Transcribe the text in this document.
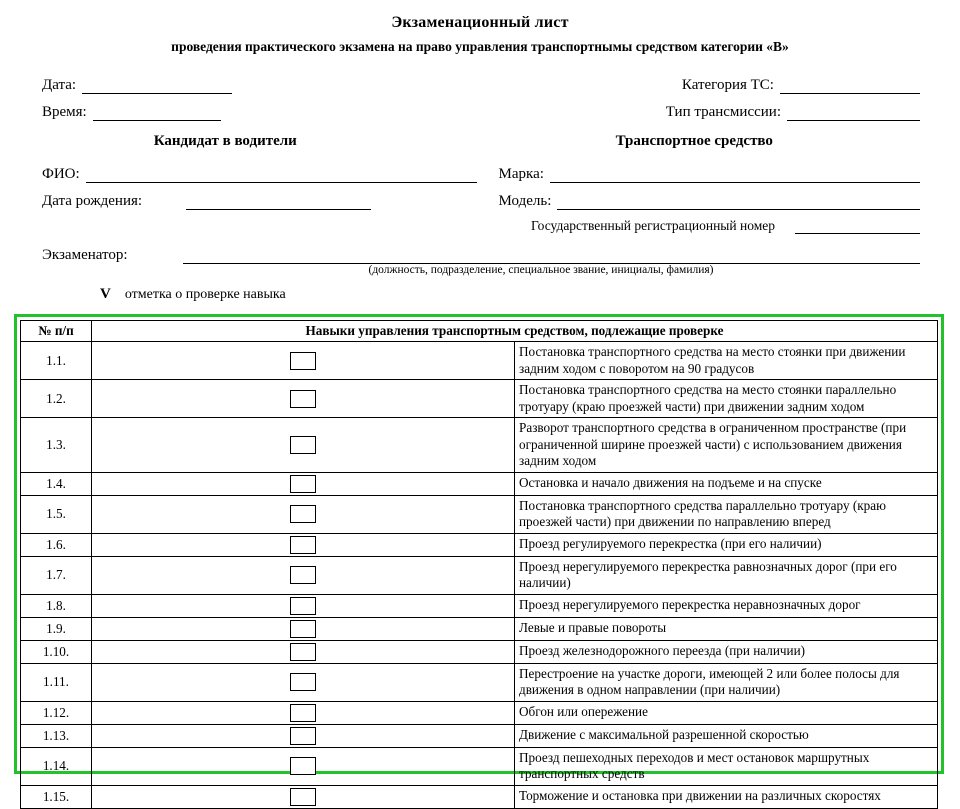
Экзаменационный лист
проведения практического экзамена на право управления транспортнымы средством категории «В»
Дата:	Категория ТС:
Время:	Тип трансмиссии:
Кандидат в водители	Транспортное средство
ФИО:	Марка:
Дата рождения:	Модель:
Государственный регистрационный номер
Экзаменатор:
(должность, подразделение, специальное звание, инициалы, фамилия)
V отметка о проверке навыка
№ п/п	Навыки управления транспортным средством, подлежащие проверке	
1.1.		Постановка транспортного средства на место стоянки при движении задним ходом с поворотом на 90 градусов
1.2.		Постановка транспортного средства на место стоянки параллельно тротуару (краю проезжей части) при движении задним ходом
1.3.		Разворот транспортного средства в ограниченном пространстве (при ограниченной ширине проезжей части) с использованием движения задним ходом
1.4.		Остановка и начало движения на подъеме и на спуске
1.5.		Постановка транспортного средства параллельно тротуару (краю проезжей части) при движении по направлению вперед
1.6.		Проезд регулируемого перекрестка (при его наличии)
1.7.		Проезд нерегулируемого перекрестка равнозначных дорог (при его наличии)
1.8.		Проезд нерегулируемого перекрестка неравнозначных дорог
1.9.		Левые и правые повороты
1.10.		Проезд железнодорожного переезда (при наличии)
1.11.		Перестроение на участке дороги, имеющей 2 или более полосы для движения в одном направлении (при наличии)
1.12.		Обгон или опережение
1.13.		Движение с максимальной разрешенной скоростью
1.14.		Проезд пешеходных переходов и мест остановок маршрутных транспортных средств
1.15.		Торможение и остановка при движении на различных скоростях
